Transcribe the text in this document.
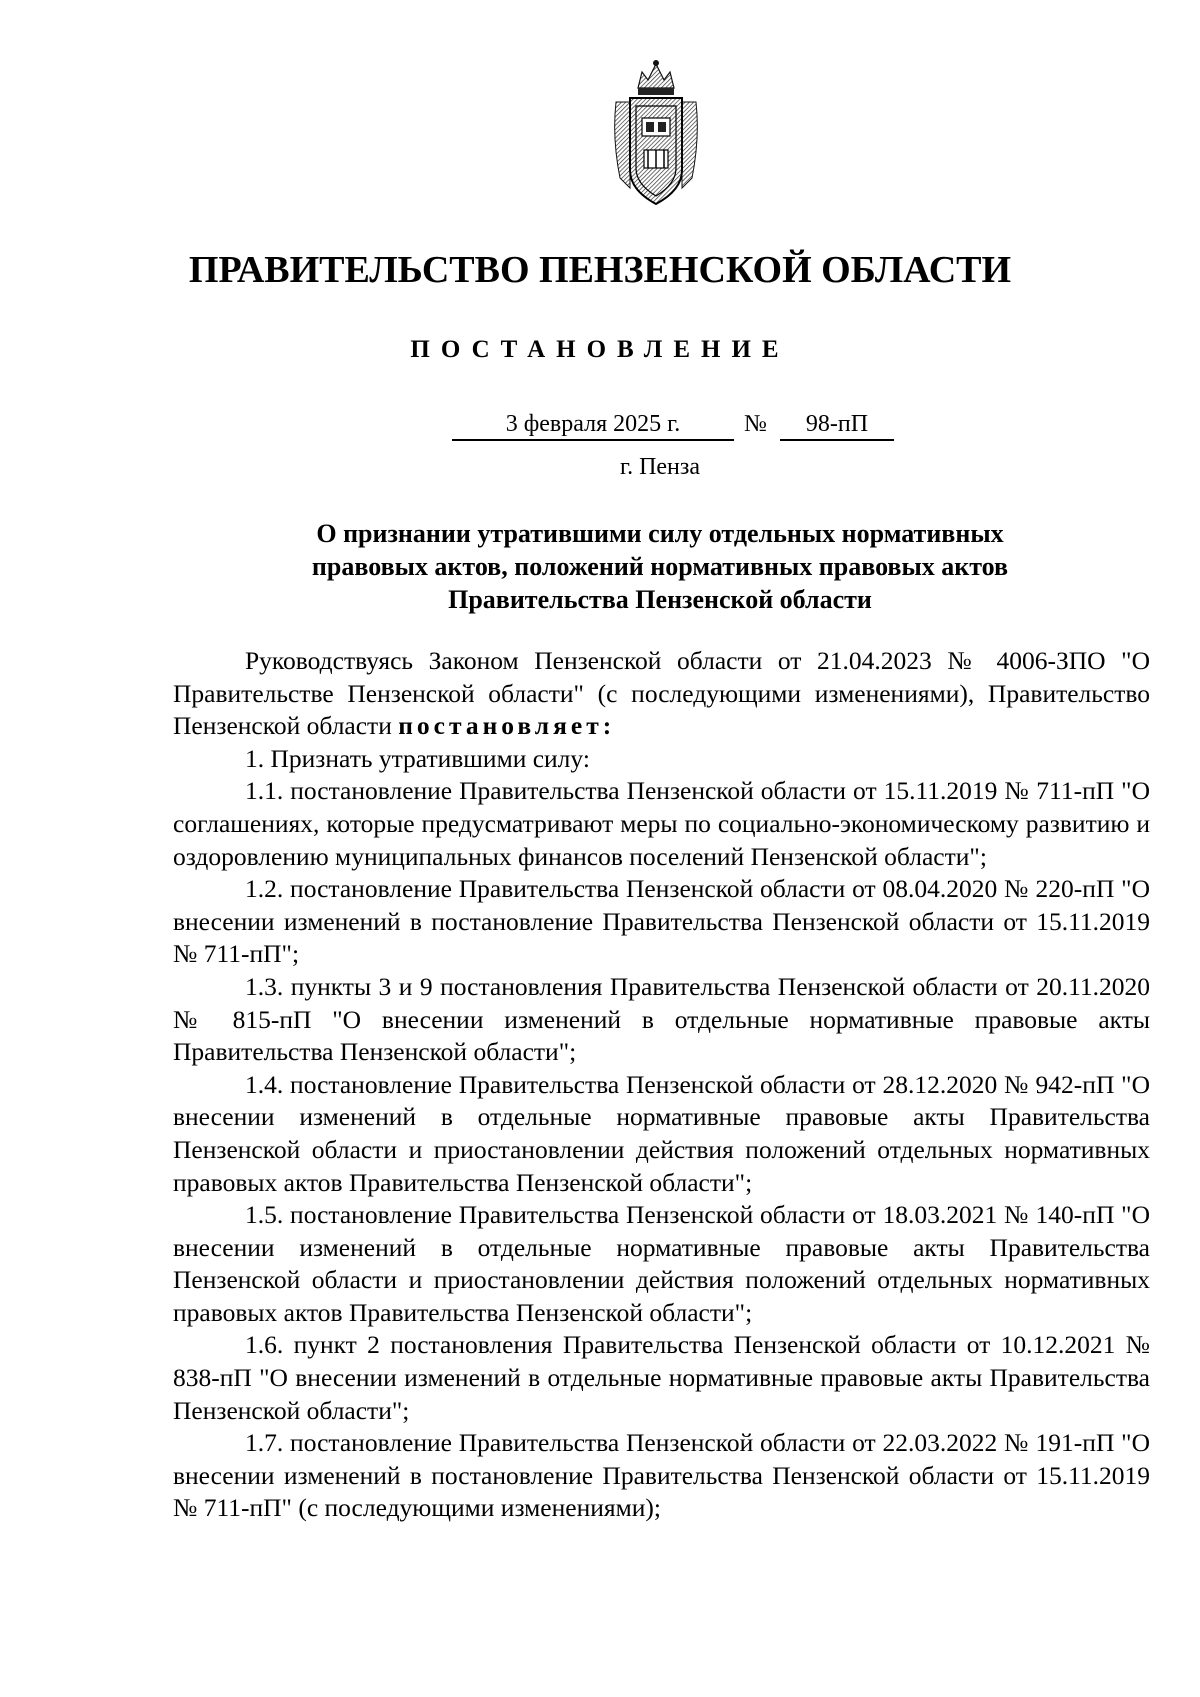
ПРАВИТЕЛЬСТВО ПЕНЗЕНСКОЙ ОБЛАСТИ
ПОСТАНОВЛЕНИЕ
3 февраля 2025 г.	№	98-пП
г. Пенза
О признании утратившими силу отдельных нормативных
правовых актов, положений нормативных правовых актов
Правительства Пензенской области

Руководствуясь Законом Пензенской области от 21.04.2023 № 4006-ЗПО "О Правительстве Пензенской области" (с последующими изменениями), Правительство Пензенской области постановляет:

1. Признать утратившими силу:

1.1. постановление Правительства Пензенской области от 15.11.2019 № 711-пП "О соглашениях, которые предусматривают меры по социально-экономическому развитию и оздоровлению муниципальных финансов поселений Пензенской области";

1.2. постановление Правительства Пензенской области от 08.04.2020 № 220-пП "О внесении изменений в постановление Правительства Пензенской области от 15.11.2019 № 711-пП";

1.3. пункты 3 и 9 постановления Правительства Пензенской области от 20.11.2020 № 815-пП "О внесении изменений в отдельные нормативные правовые акты Правительства Пензенской области";

1.4. постановление Правительства Пензенской области от 28.12.2020 № 942-пП "О внесении изменений в отдельные нормативные правовые акты Правительства Пензенской области и приостановлении действия положений отдельных нормативных правовых актов Правительства Пензенской области";

1.5. постановление Правительства Пензенской области от 18.03.2021 № 140-пП "О внесении изменений в отдельные нормативные правовые акты Правительства Пензенской области и приостановлении действия положений отдельных нормативных правовых актов Правительства Пензенской области";

1.6. пункт 2 постановления Правительства Пензенской области от 10.12.2021 № 838-пП "О внесении изменений в отдельные нормативные правовые акты Правительства Пензенской области";

1.7. постановление Правительства Пензенской области от 22.03.2022 № 191-пП "О внесении изменений в постановление Правительства Пензенской области от 15.11.2019 № 711-пП" (с последующими изменениями);
